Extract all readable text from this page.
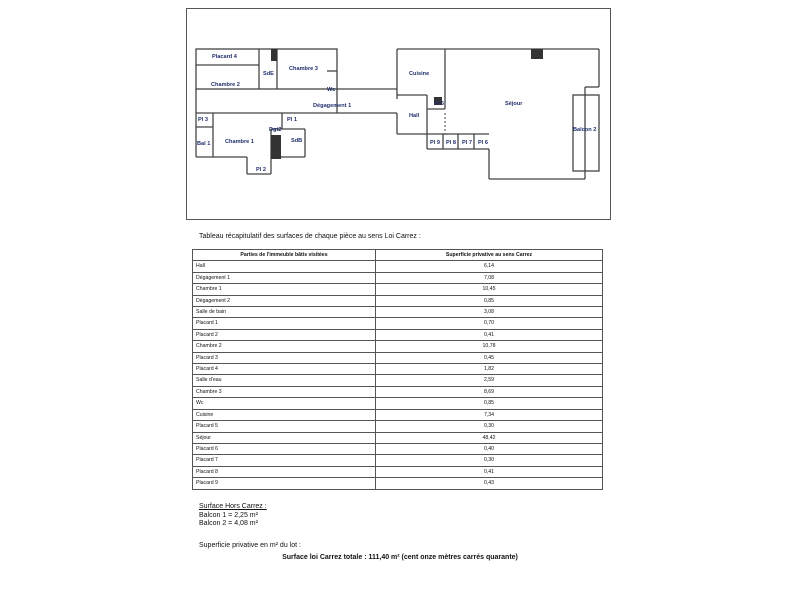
Placard 4
Chambre 2
SdE
Chambre 3
Wc
Dégagement 1
Cuisine
Séjour
Balcon 2
Pl 5
Hall
Pl 3	Pl 1
Dgt2
SdB
Bal 1	Chambre 1
Pl 2
Pl 9 Pl 8 Pl 7 Pl 6
Tableau récapitulatif des surfaces de chaque pièce au sens Loi Carrez :
Parties de l'immeuble bâtis visitées	Superficie privative au sens Carrez
Hall	6,14
Dégagement 1	7,08
Chambre 1	10,45
Dégagement 2	0,85
Salle de bain	3,08
Placard 1	0,70
Placard 2	0,41
Chambre 2	10,78
Placard 3	0,45
Placard 4	1,82
Salle d'eau	2,59
Chambre 3	8,69
Wc	0,85
Cuisine	7,34
Placard 5	0,30
Séjour	48,42
Placard 6	0,40
Placard 7	0,30
Placard 8	0,41
Placard 9	0,43
Surface Hors Carrez :
Balcon 1 = 2,25 m²
Balcon 2 = 4,08 m²
Superficie privative en m² du lot :
Surface loi Carrez totale : 111,40 m² (cent onze mètres carrés quarante)
